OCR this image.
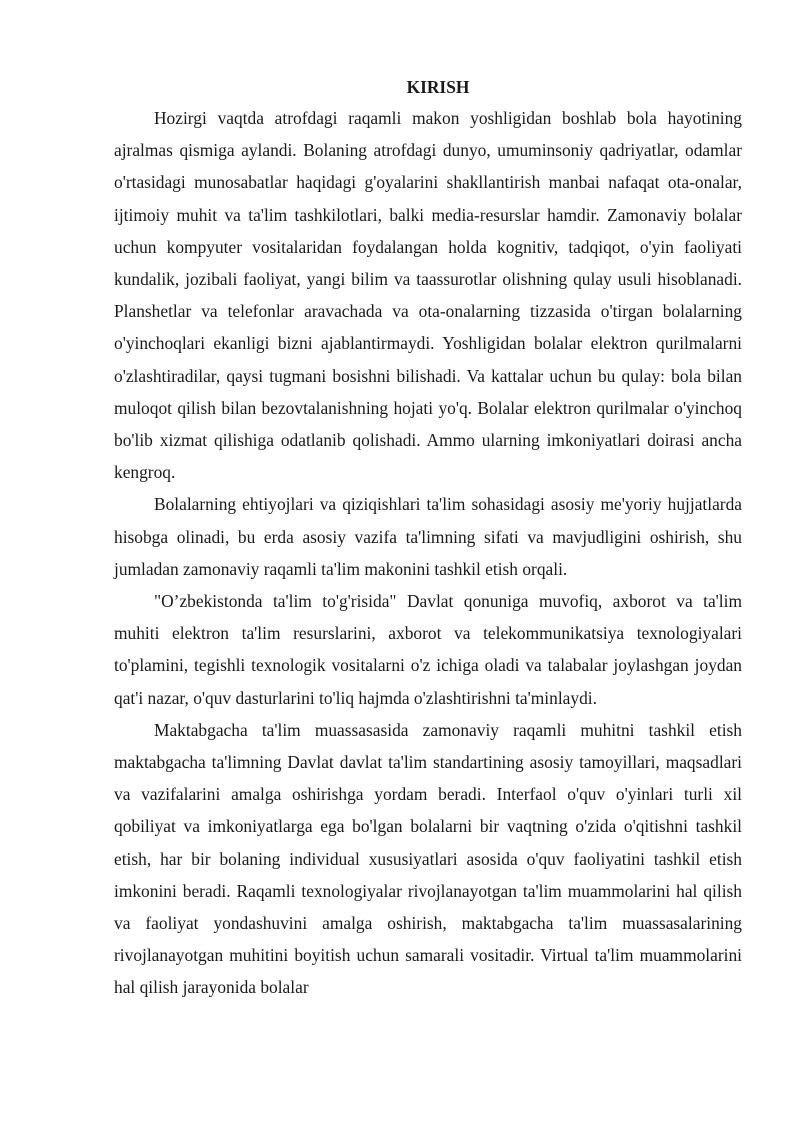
KIRISH

Hozirgi vaqtda atrofdagi raqamli makon yoshligidan boshlab bola hayotining ajralmas qismiga aylandi. Bolaning atrofdagi dunyo, umuminsoniy qadriyatlar, odamlar o'rtasidagi munosabatlar haqidagi g'oyalarini shakllantirish manbai nafaqat ota-onalar, ijtimoiy muhit va ta'lim tashkilotlari, balki media-resurslar hamdir. Zamonaviy bolalar uchun kompyuter vositalaridan foydalangan holda kognitiv, tadqiqot, o'yin faoliyati kundalik, jozibali faoliyat, yangi bilim va taassurotlar olishning qulay usuli hisoblanadi. Planshetlar va telefonlar aravachada va ota-onalarning tizzasida o'tirgan bolalarning o'yinchoqlari ekanligi bizni ajablantirmaydi. Yoshligidan bolalar elektron qurilmalarni o'zlashtiradilar, qaysi tugmani bosishni bilishadi. Va kattalar uchun bu qulay: bola bilan muloqot qilish bilan bezovtalanishning hojati yo'q. Bolalar elektron qurilmalar o'yinchoq bo'lib xizmat qilishiga odatlanib qolishadi. Ammo ularning imkoniyatlari doirasi ancha kengroq.

Bolalarning ehtiyojlari va qiziqishlari ta'lim sohasidagi asosiy me'yoriy hujjatlarda hisobga olinadi, bu erda asosiy vazifa ta'limning sifati va mavjudligini oshirish, shu jumladan zamonaviy raqamli ta'lim makonini tashkil etish orqali.

"O’zbekistonda ta'lim to'g'risida" Davlat qonuniga muvofiq, axborot va ta'lim muhiti elektron ta'lim resurslarini, axborot va telekommunikatsiya texnologiyalari to'plamini, tegishli texnologik vositalarni o'z ichiga oladi va talabalar joylashgan joydan qat'i nazar, o'quv dasturlarini to'liq hajmda o'zlashtirishni ta'minlaydi.

Maktabgacha ta'lim muassasasida zamonaviy raqamli muhitni tashkil etish maktabgacha ta'limning Davlat davlat ta'lim standartining asosiy tamoyillari, maqsadlari va vazifalarini amalga oshirishga yordam beradi. Interfaol o'quv o'yinlari turli xil qobiliyat va imkoniyatlarga ega bo'lgan bolalarni bir vaqtning o'zida o'qitishni tashkil etish, har bir bolaning individual xususiyatlari asosida o'quv faoliyatini tashkil etish imkonini beradi. Raqamli texnologiyalar rivojlanayotgan ta'lim muammolarini hal qilish va faoliyat yondashuvini amalga oshirish, maktabgacha ta'lim muassasalarining rivojlanayotgan muhitini boyitish uchun samarali vositadir. Virtual ta'lim muammolarini hal qilish jarayonida bolalar
